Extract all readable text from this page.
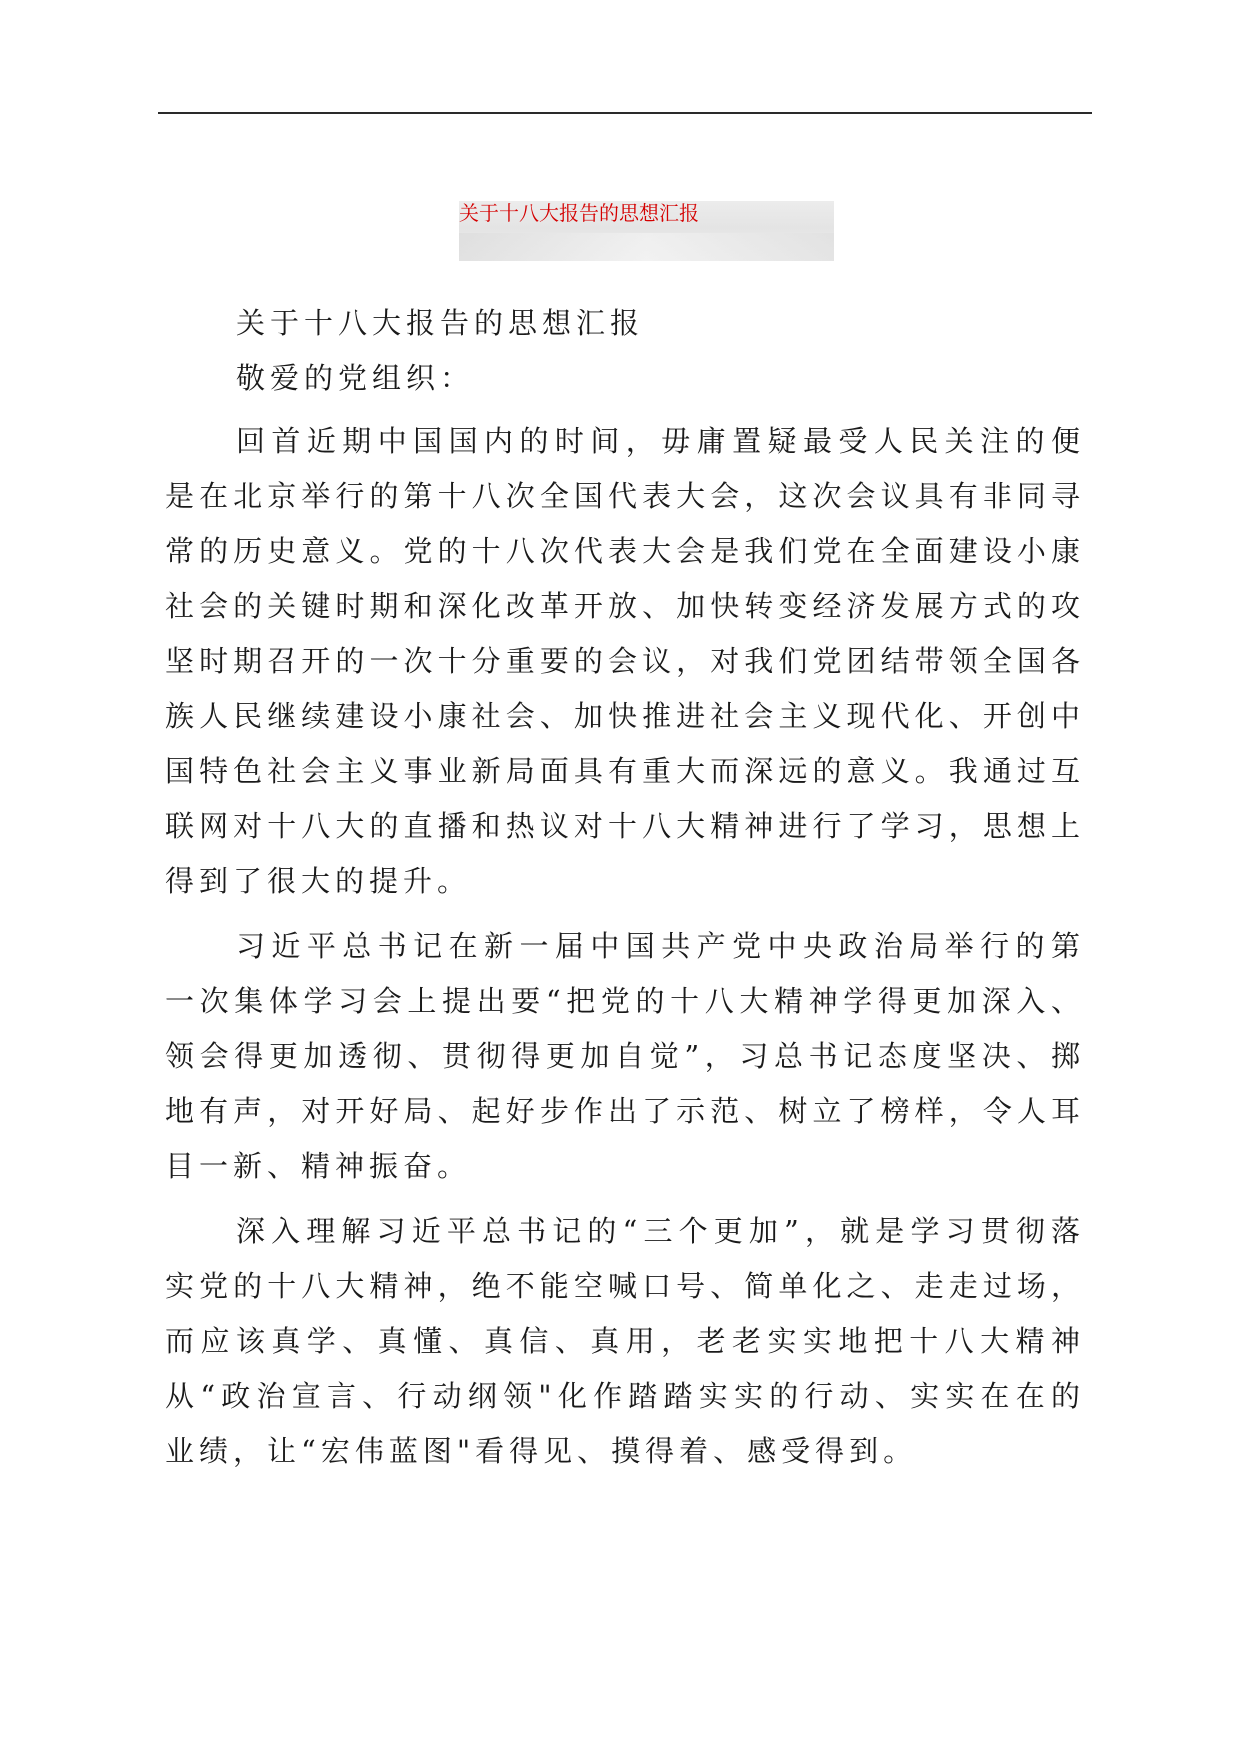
关于十八大报告的思想汇报

关于十八大报告的思想汇报

敬爱的党组织：

回首近期中国国内的时间，毋庸置疑最受人民关注的便是在北京举行的第十八次全国代表大会，这次会议具有非同寻常的历史意义。党的十八次代表大会是我们党在全面建设小康社会的关键时期和深化改革开放、加快转变经济发展方式的攻坚时期召开的一次十分重要的会议，对我们党团结带领全国各族人民继续建设小康社会、加快推进社会主义现代化、开创中国特色社会主义事业新局面具有重大而深远的意义。我通过互联网对十八大的直播和热议对十八大精神进行了学习，思想上得到了很大的提升。

习近平总书记在新一届中国共产党中央政治局举行的第一次集体学习会上提出要“把党的十八大精神学得更加深入、领会得更加透彻、贯彻得更加自觉”，习总书记态度坚决、掷地有声，对开好局、起好步作出了示范、树立了榜样，令人耳目一新、精神振奋。

深入理解习近平总书记的“三个更加”，就是学习贯彻落实党的十八大精神，绝不能空喊口号、简单化之、走走过场，而应该真学、真懂、真信、真用，老老实实地把十八大精神从“政治宣言、行动纲领"化作踏踏实实的行动、实实在在的业绩，让“宏伟蓝图"看得见、摸得着、感受得到。
